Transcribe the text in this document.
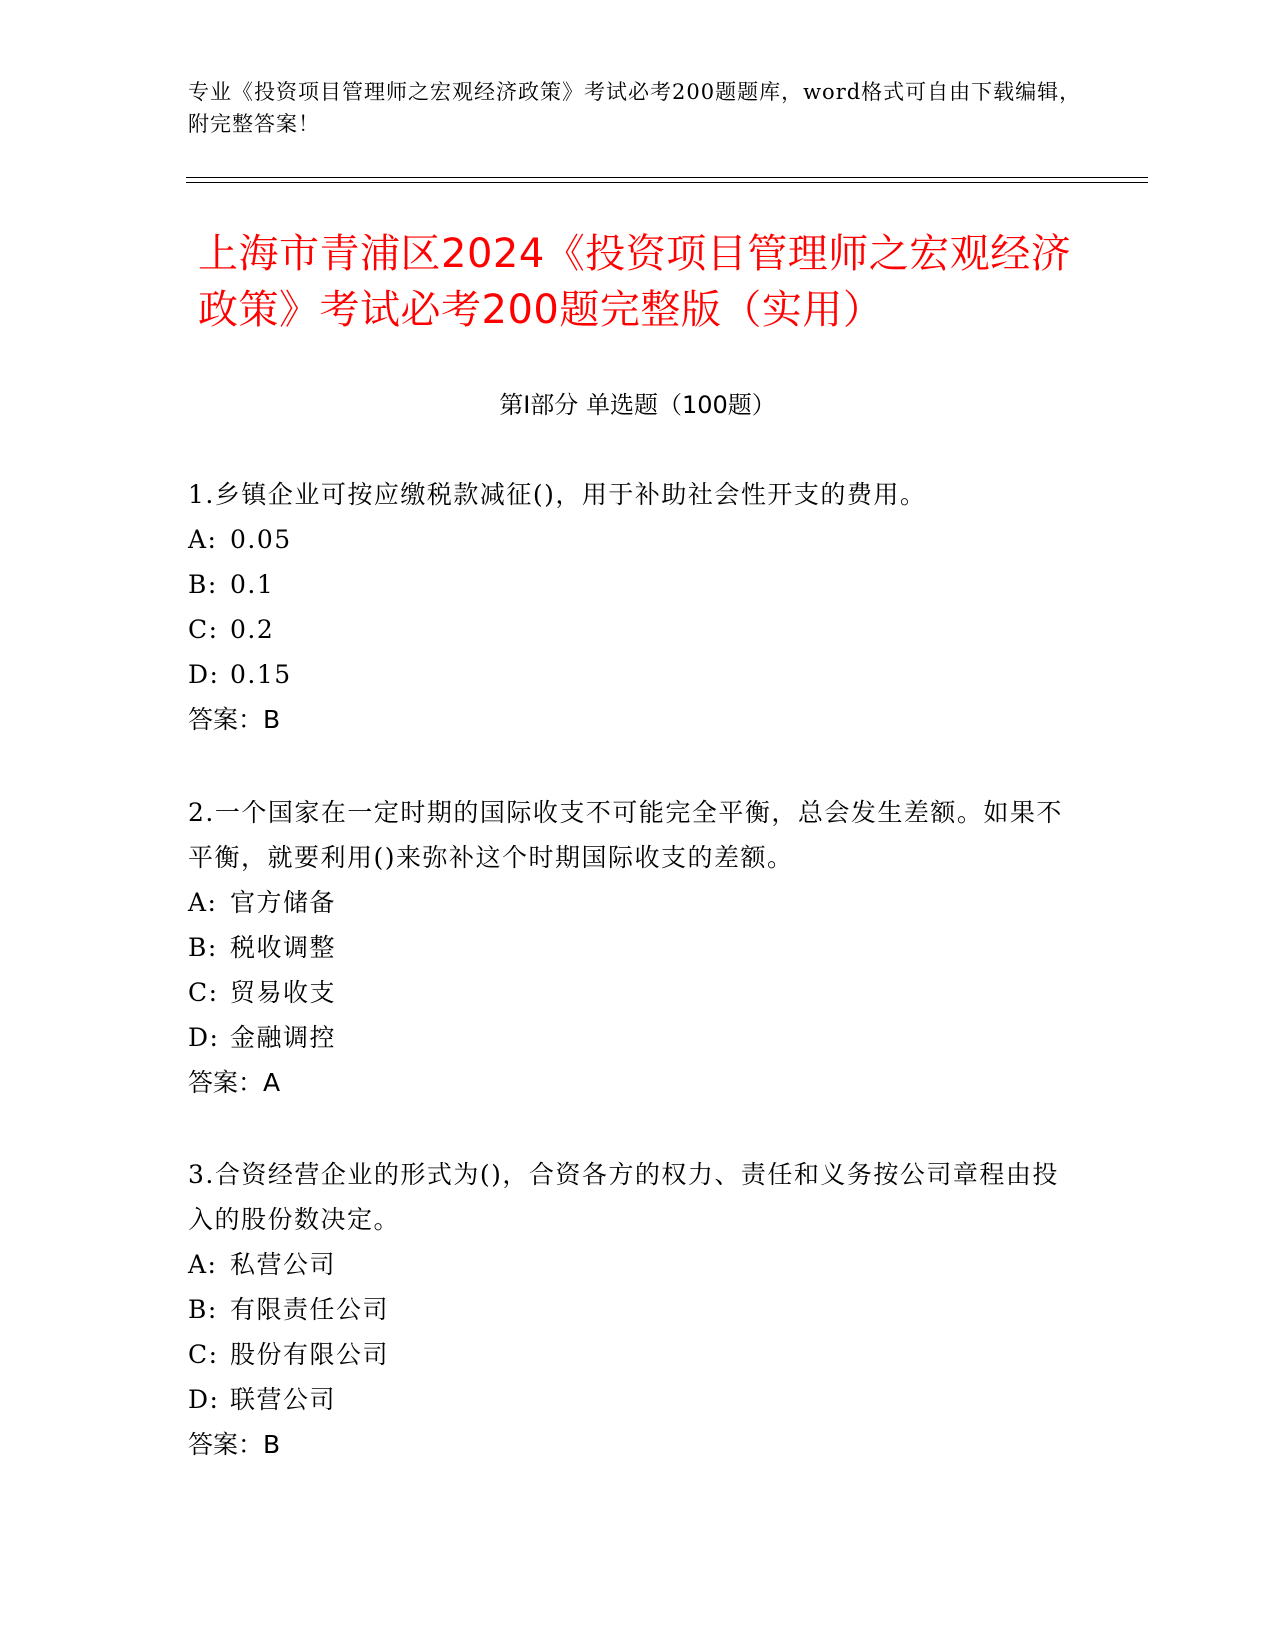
专业《投资项目管理师之宏观经济政策》考试必考200题题库，word格式可自由下载编辑，附完整答案！
上海市青浦区2024《投资项目管理师之宏观经济政策》考试必考200题完整版（实用）
第Ⅰ部分 单选题（100题）

1.乡镇企业可按应缴税款减征()，用于补助社会性开支的费用。

A: 0.05

B: 0.1

C: 0.2

D: 0.15

答案：B

2.一个国家在一定时期的国际收支不可能完全平衡，总会发生差额。如果不平衡，就要利用()来弥补这个时期国际收支的差额。

A: 官方储备

B: 税收调整

C: 贸易收支

D: 金融调控

答案：A

3.合资经营企业的形式为()，合资各方的权力、责任和义务按公司章程由投入的股份数决定。

A: 私营公司

B: 有限责任公司

C: 股份有限公司

D: 联营公司

答案：B
